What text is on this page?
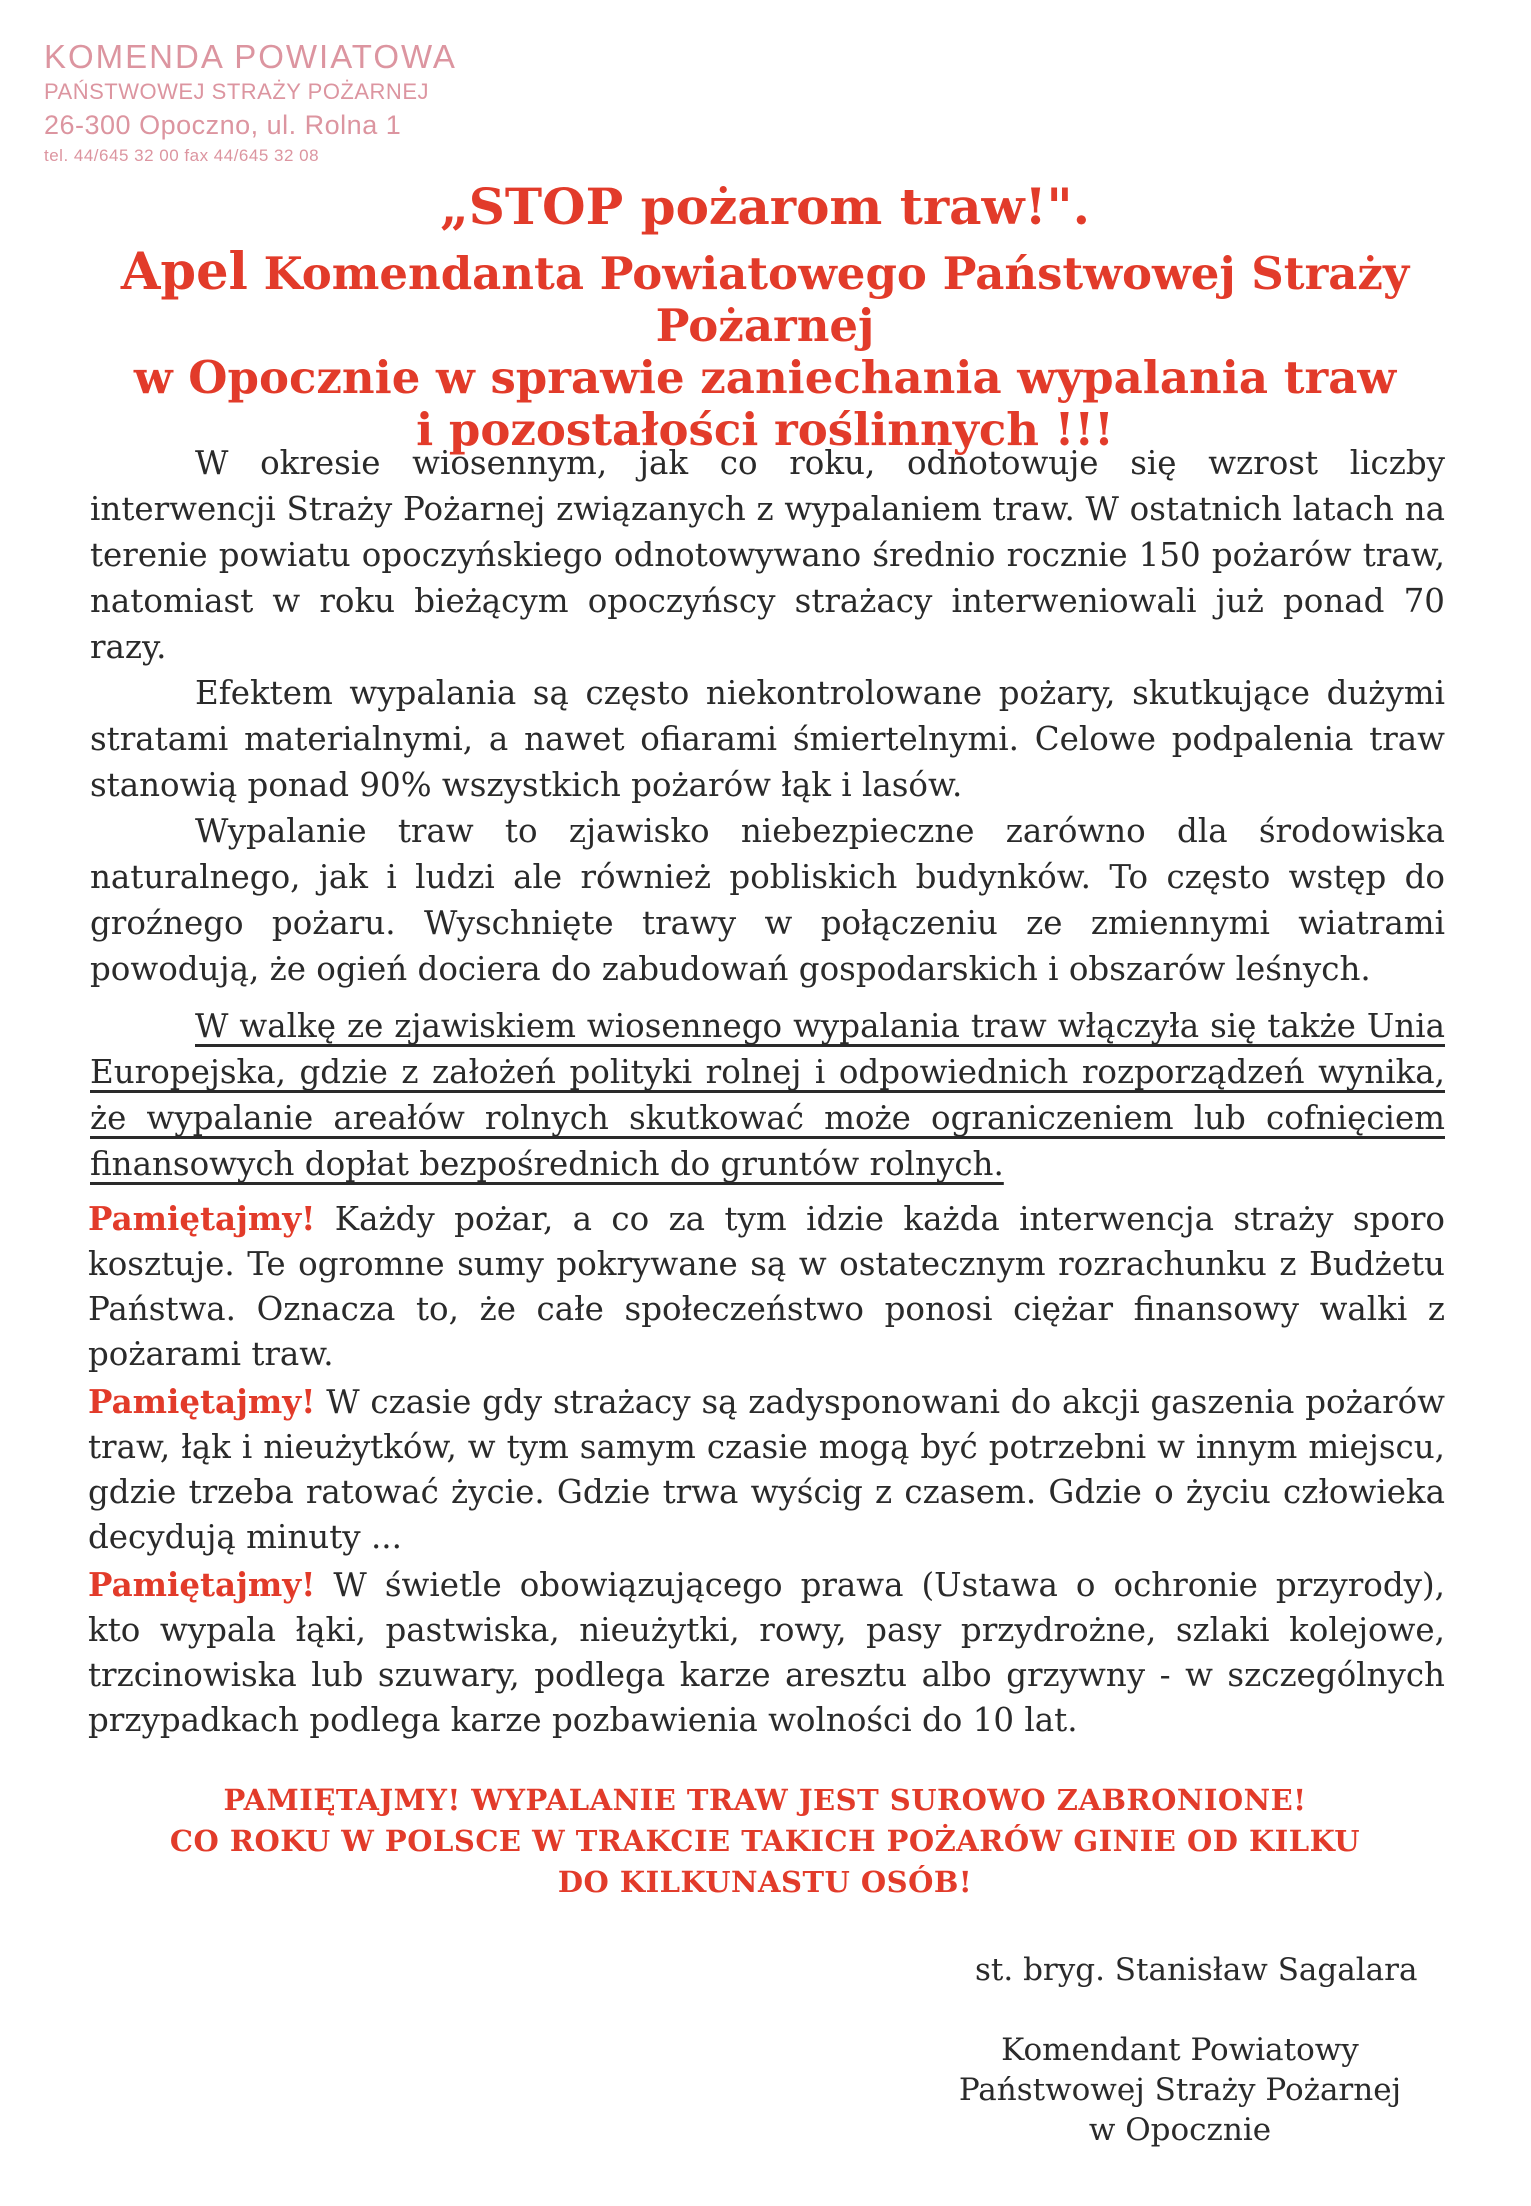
KOMENDA POWIATOWA
PAŃSTWOWEJ STRAŻY POŻARNEJ
26-300 Opoczno, ul. Rolna 1
tel. 44/645 32 00 fax 44/645 32 08
„STOP pożarom traw!".
Apel Komendanta Powiatowego Państwowej Straży Pożarnej
w Opocznie w sprawie zaniechania wypalania traw
i pozostałości roślinnych !!!

W okresie wiosennym, jak co roku, odnotowuje się wzrost liczby interwencji Straży Pożarnej związanych z wypalaniem traw. W ostatnich latach na terenie powiatu opoczyńskiego odnotowywano średnio rocznie 150 pożarów traw, natomiast w roku bieżącym opoczyńscy strażacy interweniowali już ponad 70 razy.

Efektem wypalania są często niekontrolowane pożary, skutkujące dużymi stratami materialnymi, a nawet ofiarami śmiertelnymi. Celowe podpalenia traw stanowią ponad 90% wszystkich pożarów łąk i lasów.

Wypalanie traw to zjawisko niebezpieczne zarówno dla środowiska naturalnego, jak i ludzi ale również pobliskich budynków. To często wstęp do groźnego pożaru. Wyschnięte trawy w połączeniu ze zmiennymi wiatrami powodują, że ogień dociera do zabudowań gospodarskich i obszarów leśnych.

W walkę ze zjawiskiem wiosennego wypalania traw włączyła się także Unia Europejska, gdzie z założeń polityki rolnej i odpowiednich rozporządzeń wynika, że wypalanie areałów rolnych skutkować może ograniczeniem lub cofnięciem finansowych dopłat bezpośrednich do gruntów rolnych.

Pamiętajmy! Każdy pożar, a co za tym idzie każda interwencja straży sporo kosztuje. Te ogromne sumy pokrywane są w ostatecznym rozrachunku z Budżetu Państwa. Oznacza to, że całe społeczeństwo ponosi ciężar finansowy walki z pożarami traw.

Pamiętajmy! W czasie gdy strażacy są zadysponowani do akcji gaszenia pożarów traw, łąk i nieużytków, w tym samym czasie mogą być potrzebni w innym miejscu, gdzie trzeba ratować życie. Gdzie trwa wyścig z czasem. Gdzie o życiu człowieka decydują minuty ...

Pamiętajmy! W świetle obowiązującego prawa (Ustawa o ochronie przyrody), kto wypala łąki, pastwiska, nieużytki, rowy, pasy przydrożne, szlaki kolejowe, trzcinowiska lub szuwary, podlega karze aresztu albo grzywny - w szczególnych przypadkach podlega karze pozbawienia wolności do 10 lat.

PAMIĘTAJMY! WYPALANIE TRAW JEST SUROWO ZABRONIONE!
CO ROKU W POLSCE W TRAKCIE TAKICH POŻARÓW GINIE OD KILKU
DO KILKUNASTU OSÓB!
st. bryg. Stanisław Sagalara
Komendant Powiatowy
Państwowej Straży Pożarnej
w Opocznie
